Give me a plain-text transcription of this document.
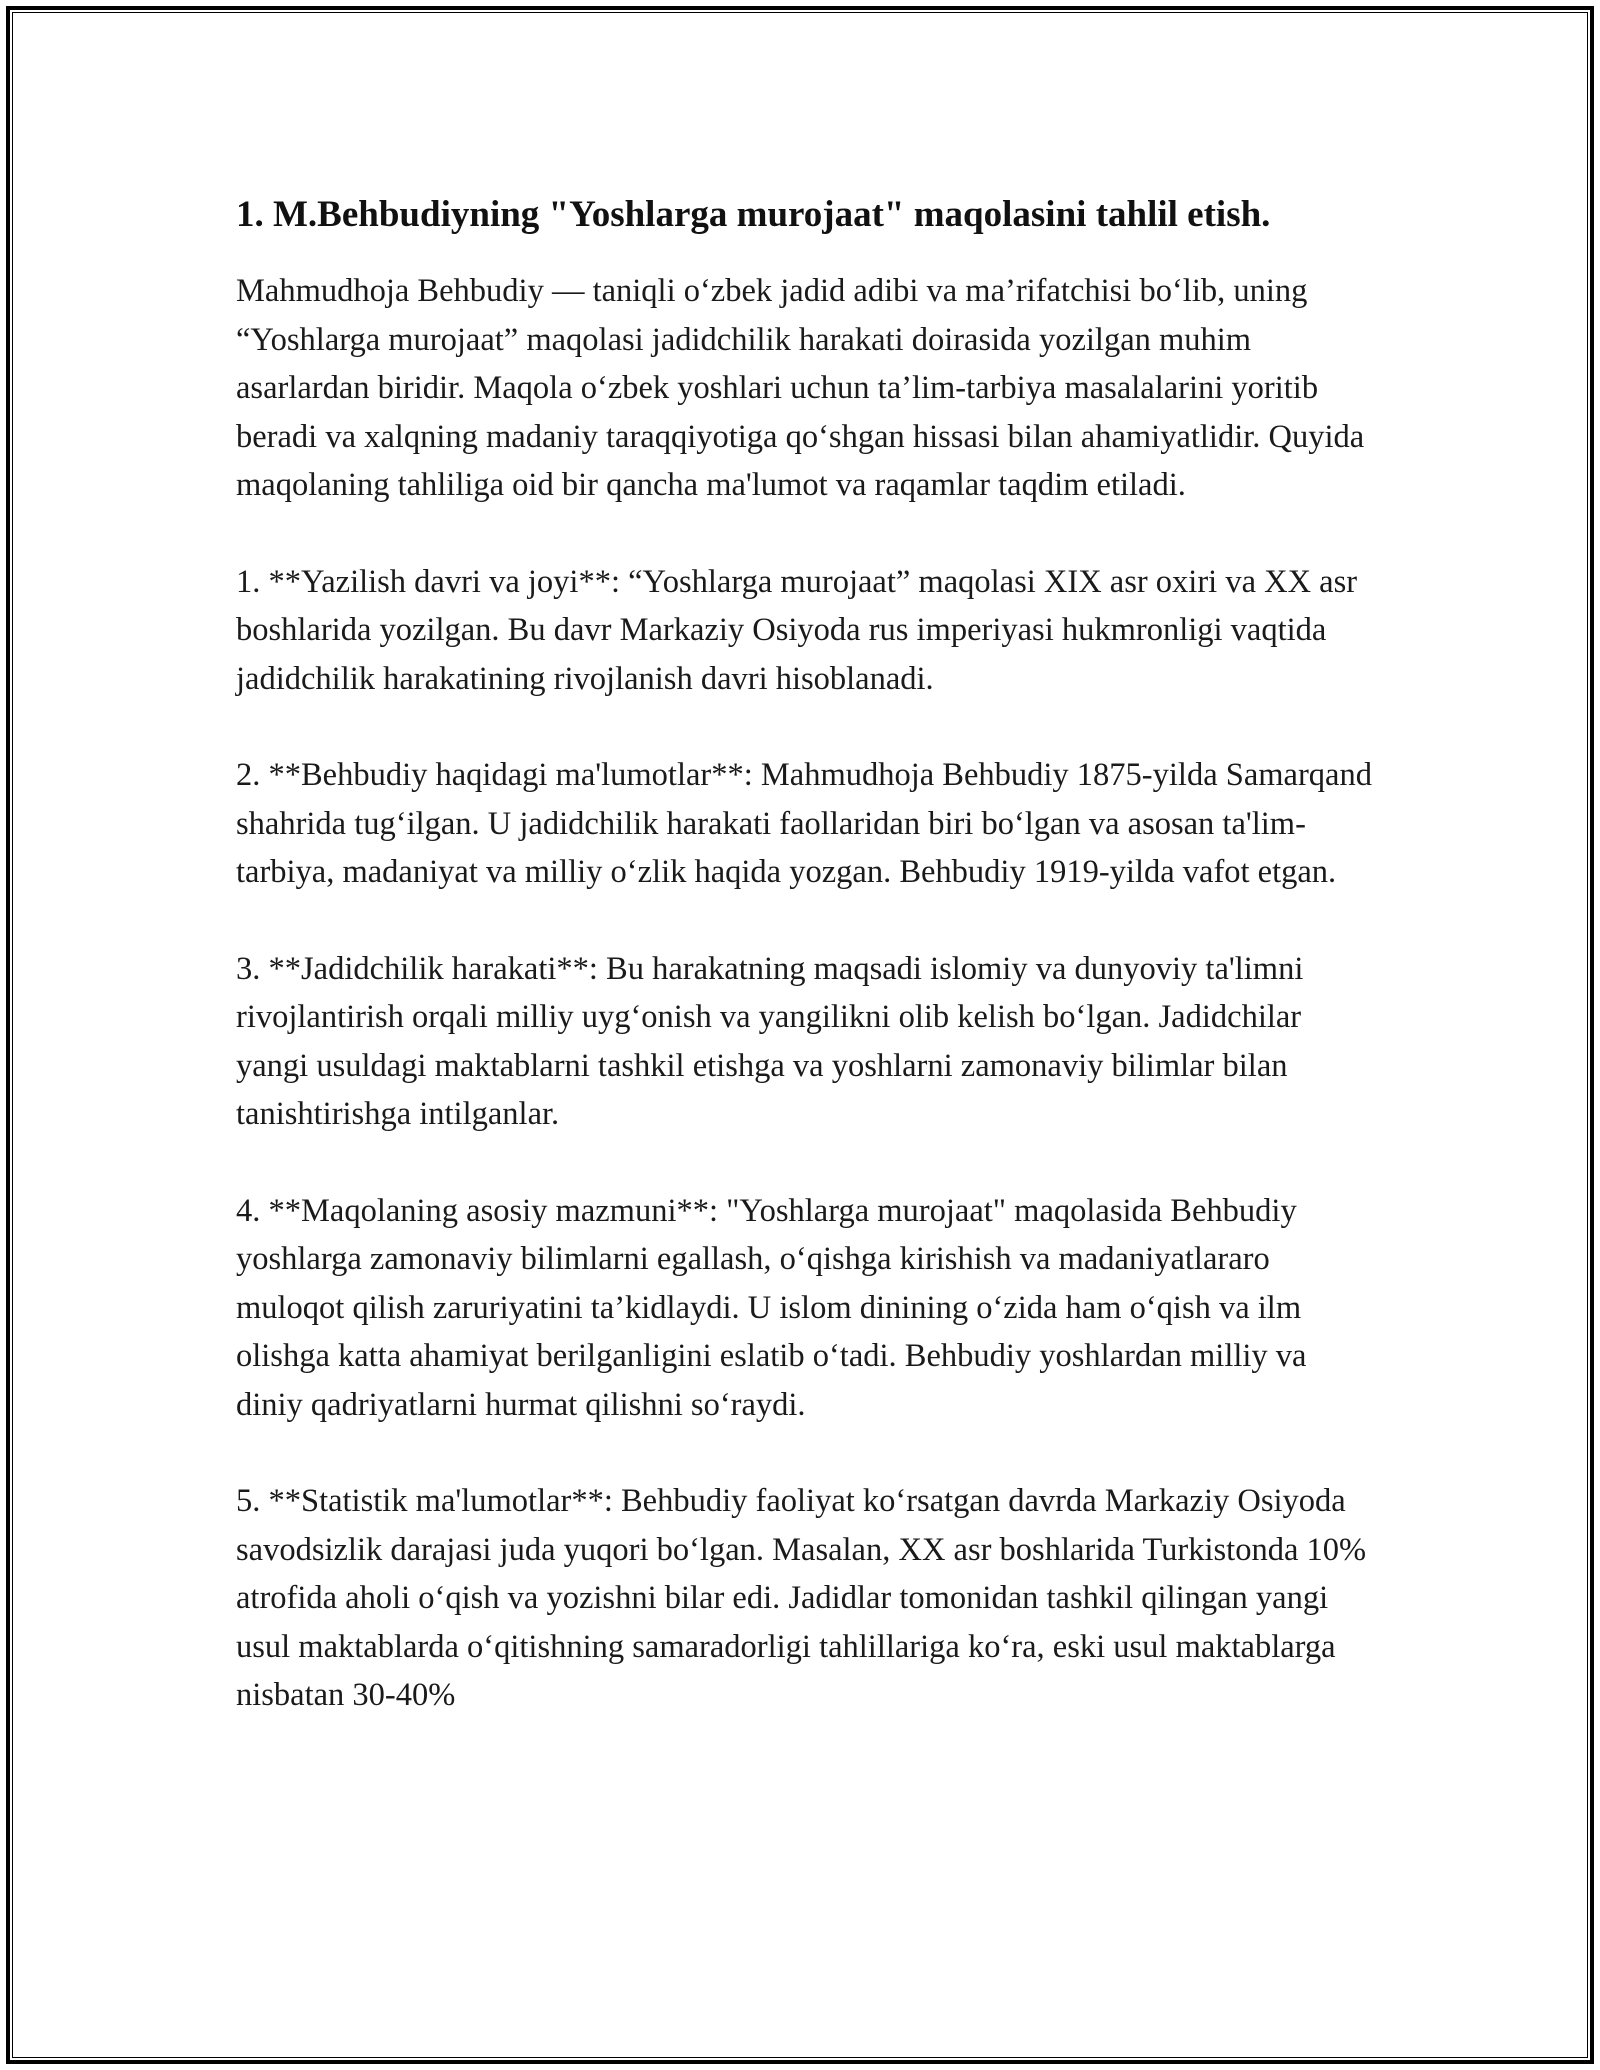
1. M.Behbudiyning "Yoshlarga murojaat" maqolasini tahlil etish.

Mahmudhoja Behbudiy — taniqli o‘zbek jadid adibi va ma’rifatchisi bo‘lib, uning “Yoshlarga murojaat” maqolasi jadidchilik harakati doirasida yozilgan muhim asarlardan biridir. Maqola o‘zbek yoshlari uchun ta’lim-tarbiya masalalarini yoritib beradi va xalqning madaniy taraqqiyotiga qo‘shgan hissasi bilan ahamiyatlidir. Quyida maqolaning tahliliga oid bir qancha ma'lumot va raqamlar taqdim etiladi.

1. **Yazilish davri va joyi**: “Yoshlarga murojaat” maqolasi XIX asr oxiri va XX asr boshlarida yozilgan. Bu davr Markaziy Osiyoda rus imperiyasi hukmronligi vaqtida jadidchilik harakatining rivojlanish davri hisoblanadi.

2. **Behbudiy haqidagi ma'lumotlar**: Mahmudhoja Behbudiy 1875-yilda Samarqand shahrida tug‘ilgan. U jadidchilik harakati faollaridan biri bo‘lgan va asosan ta'lim-tarbiya, madaniyat va milliy o‘zlik haqida yozgan. Behbudiy 1919-yilda vafot etgan.

3. **Jadidchilik harakati**: Bu harakatning maqsadi islomiy va dunyoviy ta'limni rivojlantirish orqali milliy uyg‘onish va yangilikni olib kelish bo‘lgan. Jadidchilar yangi usuldagi maktablarni tashkil etishga va yoshlarni zamonaviy bilimlar bilan tanishtirishga intilganlar.

4. **Maqolaning asosiy mazmuni**: "Yoshlarga murojaat" maqolasida Behbudiy yoshlarga zamonaviy bilimlarni egallash, o‘qishga kirishish va madaniyatlararo muloqot qilish zaruriyatini ta’kidlaydi. U islom dinining o‘zida ham o‘qish va ilm olishga katta ahamiyat berilganligini eslatib o‘tadi. Behbudiy yoshlardan milliy va diniy qadriyatlarni hurmat qilishni so‘raydi.

5. **Statistik ma'lumotlar**: Behbudiy faoliyat ko‘rsatgan davrda Markaziy Osiyoda savodsizlik darajasi juda yuqori bo‘lgan. Masalan, XX asr boshlarida Turkistonda 10% atrofida aholi o‘qish va yozishni bilar edi. Jadidlar tomonidan tashkil qilingan yangi usul maktablarda o‘qitishning samaradorligi tahlillariga ko‘ra, eski usul maktablarga nisbatan 30-40%
